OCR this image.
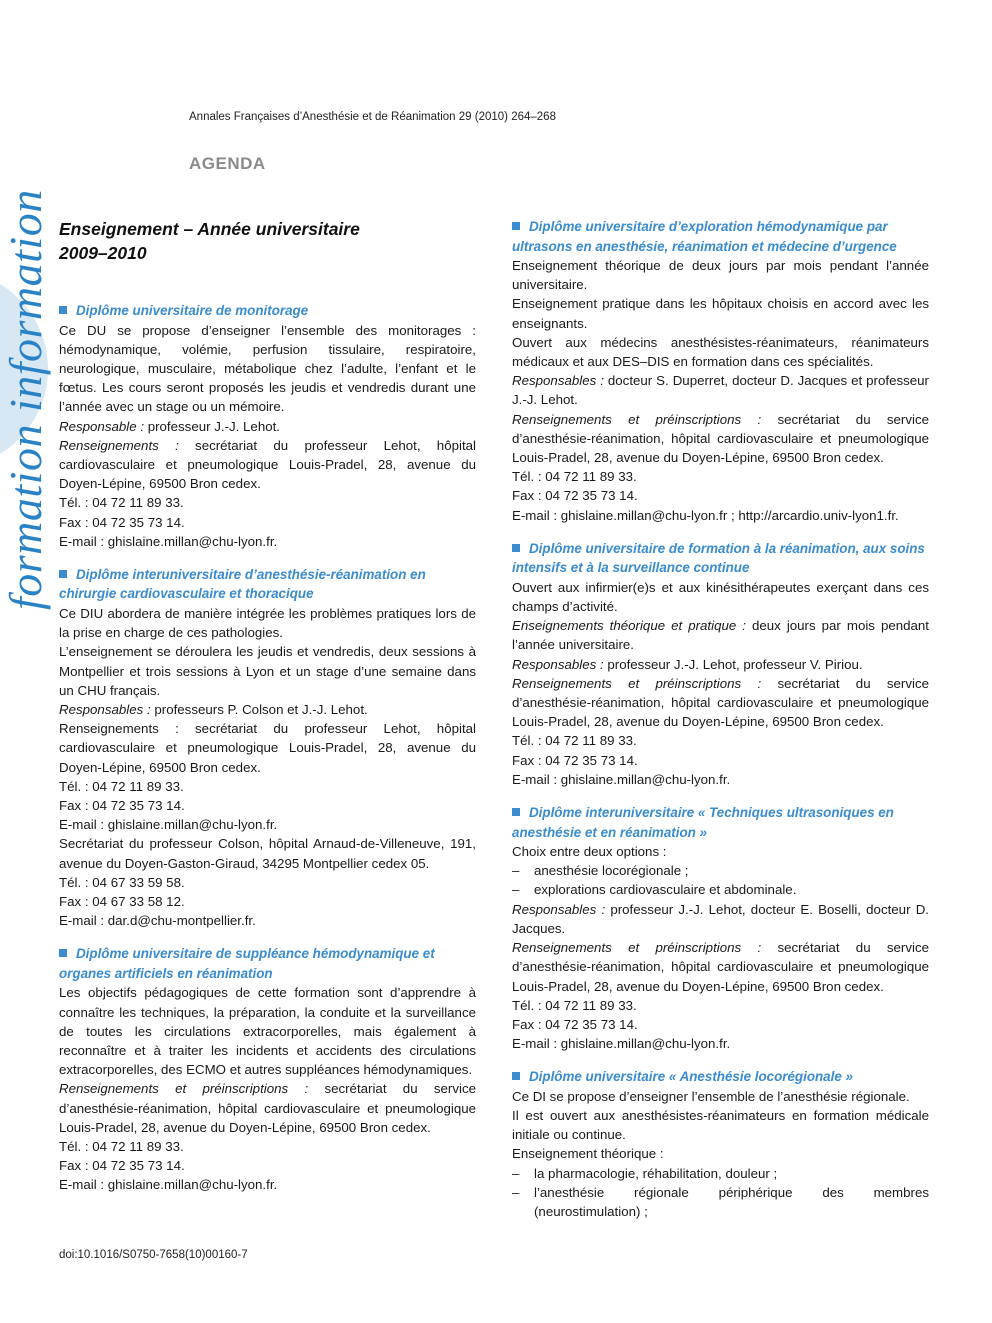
formation information
Annales Françaises d’Anesthésie et de Réanimation 29 (2010) 264–268
AGENDA

Enseignement – Année universitaire
2009–2010

Diplôme universitaire de monitorage

Ce DU se propose d’enseigner l’ensemble des monitorages : hémodynamique, volémie, perfusion tissulaire, respiratoire, neurologique, musculaire, métabolique chez l’adulte, l’enfant et le fœtus. Les cours seront proposés les jeudis et vendredis durant une l’année avec un stage ou un mémoire.

Responsable : professeur J.-J. Lehot.

Renseignements : secrétariat du professeur Lehot, hôpital cardiovasculaire et pneumologique Louis-Pradel, 28, avenue du Doyen-Lépine, 69500 Bron cedex.

Tél. : 04 72 11 89 33.

Fax : 04 72 35 73 14.

E-mail : ghislaine.millan@chu-lyon.fr.

Diplôme interuniversitaire d’anesthésie-réanimation en chirurgie cardiovasculaire et thoracique

Ce DIU abordera de manière intégrée les problèmes pratiques lors de la prise en charge de ces pathologies.

L’enseignement se déroulera les jeudis et vendredis, deux sessions à Montpellier et trois sessions à Lyon et un stage d’une semaine dans un CHU français.

Responsables : professeurs P. Colson et J.-J. Lehot.

Renseignements : secrétariat du professeur Lehot, hôpital cardiovasculaire et pneumologique Louis-Pradel, 28, avenue du Doyen-Lépine, 69500 Bron cedex.

Tél. : 04 72 11 89 33.

Fax : 04 72 35 73 14.

E-mail : ghislaine.millan@chu-lyon.fr.

Secrétariat du professeur Colson, hôpital Arnaud-de-Villeneuve, 191, avenue du Doyen-Gaston-Giraud, 34295 Montpellier cedex 05.

Tél. : 04 67 33 59 58.

Fax : 04 67 33 58 12.

E-mail : dar.d@chu-montpellier.fr.

Diplôme universitaire de suppléance hémodynamique et organes artificiels en réanimation

Les objectifs pédagogiques de cette formation sont d’apprendre à connaître les techniques, la préparation, la conduite et la surveillance de toutes les circulations extracorporelles, mais également à reconnaître et à traiter les incidents et accidents des circulations extracorporelles, des ECMO et autres suppléances hémodynamiques.

Renseignements et préinscriptions : secrétariat du service d’anesthésie-réanimation, hôpital cardiovasculaire et pneumologique Louis-Pradel, 28, avenue du Doyen-Lépine, 69500 Bron cedex.

Tél. : 04 72 11 89 33.

Fax : 04 72 35 73 14.

E-mail : ghislaine.millan@chu-lyon.fr.

Diplôme universitaire d’exploration hémodynamique par ultrasons en anesthésie, réanimation et médecine d’urgence

Enseignement théorique de deux jours par mois pendant l’année universitaire.

Enseignement pratique dans les hôpitaux choisis en accord avec les enseignants.

Ouvert aux médecins anesthésistes-réanimateurs, réanimateurs médicaux et aux DES–DIS en formation dans ces spécialités.

Responsables : docteur S. Duperret, docteur D. Jacques et professeur J.-J. Lehot.

Renseignements et préinscriptions : secrétariat du service d’anesthésie-réanimation, hôpital cardiovasculaire et pneumologique Louis-Pradel, 28, avenue du Doyen-Lépine, 69500 Bron cedex.

Tél. : 04 72 11 89 33.

Fax : 04 72 35 73 14.

E-mail : ghislaine.millan@chu-lyon.fr ; http://arcardio.univ-lyon1.fr.

Diplôme universitaire de formation à la réanimation, aux soins intensifs et à la surveillance continue

Ouvert aux infirmier(e)s et aux kinésithérapeutes exerçant dans ces champs d’activité.

Enseignements théorique et pratique : deux jours par mois pendant l’année universitaire.

Responsables : professeur J.-J. Lehot, professeur V. Piriou.

Renseignements et préinscriptions : secrétariat du service d’anesthésie-réanimation, hôpital cardiovasculaire et pneumologique Louis-Pradel, 28, avenue du Doyen-Lépine, 69500 Bron cedex.

Tél. : 04 72 11 89 33.

Fax : 04 72 35 73 14.

E-mail : ghislaine.millan@chu-lyon.fr.

Diplôme interuniversitaire « Techniques ultrasoniques en anesthésie et en réanimation »

Choix entre deux options :

–	anesthésie locorégionale ;

–	explorations cardiovasculaire et abdominale.

Responsables : professeur J.-J. Lehot, docteur E. Boselli, docteur D. Jacques.

Renseignements et préinscriptions : secrétariat du service d’anesthésie-réanimation, hôpital cardiovasculaire et pneumologique Louis-Pradel, 28, avenue du Doyen-Lépine, 69500 Bron cedex.

Tél. : 04 72 11 89 33.

Fax : 04 72 35 73 14.

E-mail : ghislaine.millan@chu-lyon.fr.

Diplôme universitaire « Anesthésie locorégionale »

Ce DI se propose d’enseigner l’ensemble de l’anesthésie régionale.

Il est ouvert aux anesthésistes-réanimateurs en formation médicale initiale ou continue.

Enseignement théorique :

–	la pharmacologie, réhabilitation, douleur ;

–	l’anesthésie régionale périphérique des membres (neurostimulation) ;

doi:10.1016/S0750-7658(10)00160-7
